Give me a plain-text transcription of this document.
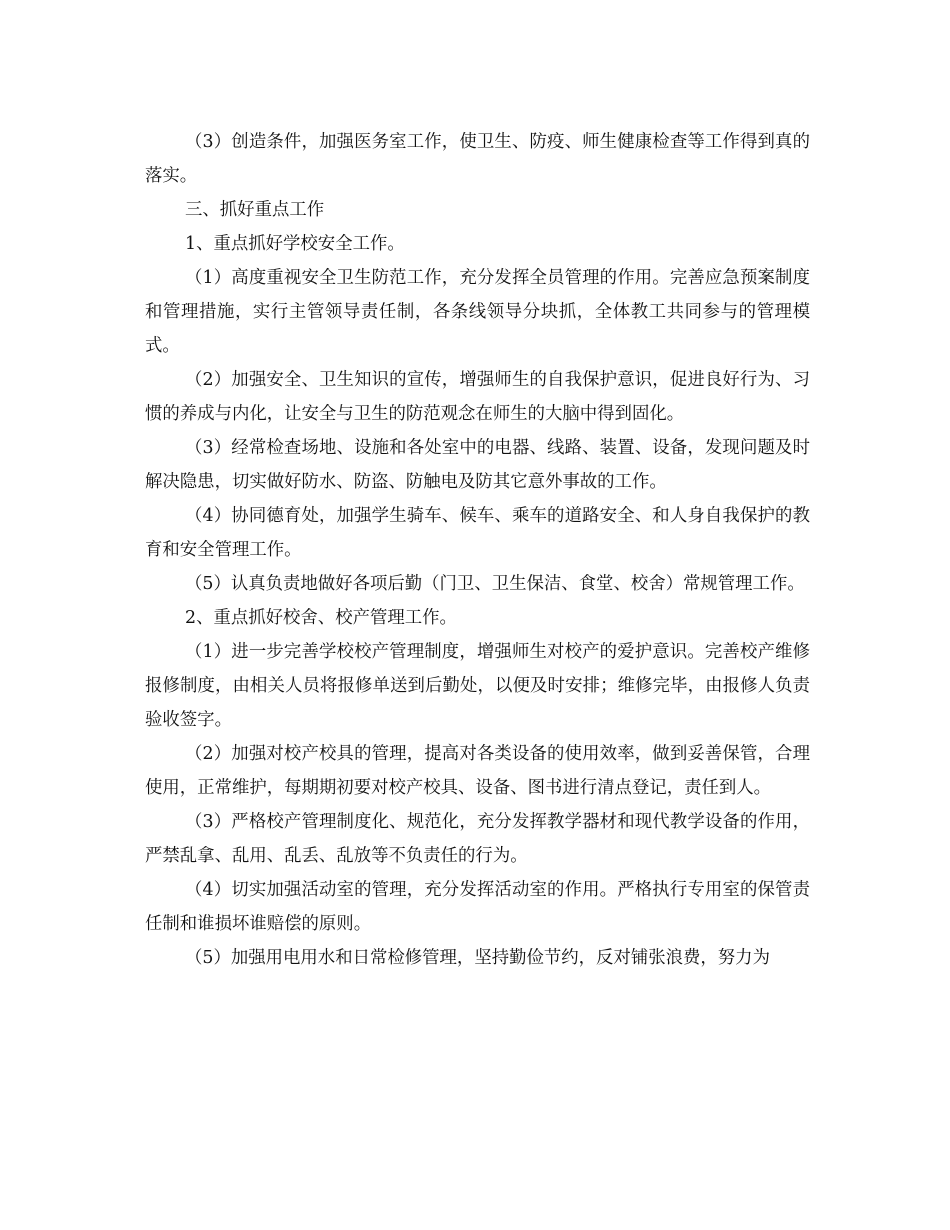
（3）创造条件，加强医务室工作，使卫生、防疫、师生健康检查等工作得到真的落实。

三、抓好重点工作

1、重点抓好学校安全工作。

（1）高度重视安全卫生防范工作，充分发挥全员管理的作用。完善应急预案制度和管理措施，实行主管领导责任制，各条线领导分块抓，全体教工共同参与的管理模式。

（2）加强安全、卫生知识的宣传，增强师生的自我保护意识，促进良好行为、习惯的养成与内化，让安全与卫生的防范观念在师生的大脑中得到固化。

（3）经常检查场地、设施和各处室中的电器、线路、装置、设备，发现问题及时解决隐患，切实做好防水、防盗、防触电及防其它意外事故的工作。

（4）协同德育处，加强学生骑车、候车、乘车的道路安全、和人身自我保护的教育和安全管理工作。

（5）认真负责地做好各项后勤（门卫、卫生保洁、食堂、校舍）常规管理工作。

2、重点抓好校舍、校产管理工作。

（1）进一步完善学校校产管理制度，增强师生对校产的爱护意识。完善校产维修报修制度，由相关人员将报修单送到后勤处，以便及时安排；维修完毕，由报修人负责验收签字。

（2）加强对校产校具的管理，提高对各类设备的使用效率，做到妥善保管，合理使用，正常维护，每期期初要对校产校具、设备、图书进行清点登记，责任到人。

（3）严格校产管理制度化、规范化，充分发挥教学器材和现代教学设备的作用，严禁乱拿、乱用、乱丢、乱放等不负责任的行为。

（4）切实加强活动室的管理，充分发挥活动室的作用。严格执行专用室的保管责任制和谁损坏谁赔偿的原则。

（5）加强用电用水和日常检修管理，坚持勤俭节约，反对铺张浪费，努力为
